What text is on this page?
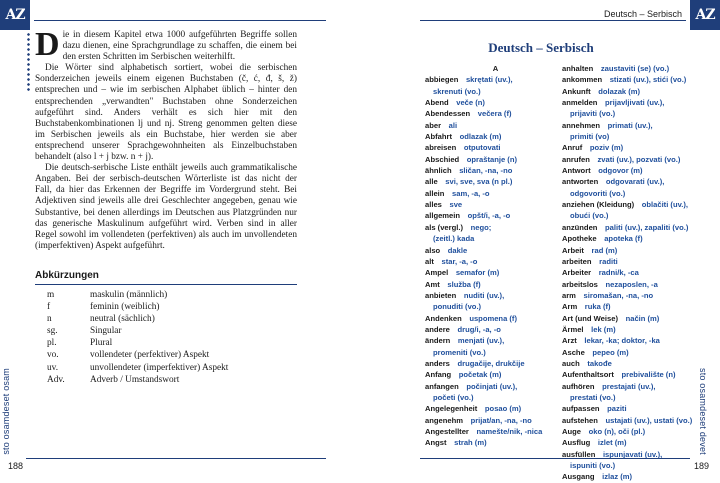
AZ	AZ
Deutsch – Serbisch
sto osamdeset osam	sto osamdeset devet
188	189

Die in diesem Kapitel etwa 1000 aufgeführten Begriffe sollen dazu dienen, eine Sprachgrundlage zu schaffen, die einem bei den ersten Schritten im Serbischen weiterhilft.

Die Wörter sind alphabetisch sortiert, wobei die serbischen Sonderzeichen jeweils einem eigenen Buchstaben (č, ć, đ, š, ž) entsprechen und – wie im serbischen Alphabet üblich – hinter den entsprechenden „verwandten" Buchstaben ohne Sonderzeichen aufgeführt sind. Anders verhält es sich hier mit den Buchstabenkombinationen lj und nj. Streng genommen gelten diese im Serbischen jeweils als ein Buchstabe, hier werden sie aber entsprechend unserer Sprachgewohnheiten als Einzelbuchstaben behandelt (also l + j bzw. n + j).

Die deutsch-serbische Liste enthält jeweils auch grammatikalische Angaben. Bei der serbisch-deutschen Wörterliste ist das nicht der Fall, da hier das Erkennen der Begriffe im Vordergrund steht. Bei Adjektiven sind jeweils alle drei Geschlechter angegeben, genau wie Substantive, bei denen allerdings im Deutschen aus Platzgründen nur das generische Maskulinum aufgeführt wird. Verben sind in aller Regel sowohl im vollendeten (perfektiven) als auch im unvollendeten (imperfektiven) Aspekt aufgeführt.

Abkürzungen
m	maskulin (männlich)
f	feminin (weiblich)
n	neutral (sächlich)
sg.	Singular
pl.	Plural
vo.	vollendeter (perfektiver) Aspekt
uv.	unvollendeter (imperfektiver) Aspekt
Adv.	Adverb / Umstandswort
Deutsch – Serbisch
A
abbiegen  skrętati (uv.),
skrenuti (vo.)
Abend  veče (n)
Abendessen  večera (f)
aber  ali
Abfahrt  odlazak (m)
abreisen  otputovati
Abschied  opraštanje (n)
ähnlich  sličan, -na, -no
alle  svi, sve, sva (n pl.)
allein  sam, -a, -o
alles  sve
allgemein  opšt/i, -a, -o
als (vergl.)  nego;
(zeitl.) kada
also  dakle
alt  star, -a, -o
Ampel  semafor (m)
Amt  služba (f)
anbieten  nuditi (uv.),
ponuditi (vo.)
Andenken  uspomena (f)
andere  drug/i, -a, -o
ändern  menjati (uv.),
promeniti (vo.)
anders  drugačije, drukčije
Anfang  početak (m)
anfangen  počinjati (uv.),
početi (vo.)
Angelegenheit  posao (m)
angenehm  prijat/an, -na, -no
Angestellter  namešte/nik, -nica
Angst  strah (m)
anhalten  zaustaviti (se) (vo.)
ankommen  stizati (uv.), stići (vo.)
Ankunft  dolazak (m)
anmelden  prijavljivati (uv.),
prijaviti (vo.)
annehmen  primati (uv.),
primiti (vo)
Anruf  poziv (m)
anrufen  zvati (uv.), pozvati (vo.)
Antwort  odgovor (m)
antworten  odgovarati (uv.),
odgovoriti (vo.)
anziehen (Kleidung)  oblačiti (uv.),
obući (vo.)
anzünden  paliti (uv.), zapaliti (vo.)
Apotheke  apoteka (f)
Arbeit  rad (m)
arbeiten  raditi
Arbeiter  radni/k, -ca
arbeitslos  nezaposlen, -a
arm  siromašan, -na, -no
Arm  ruka (f)
Art (und Weise)  način (m)
Ärmel  lek (m)
Arzt  lekar, -ka; doktor, -ka
Asche  pepeo (m)
auch  takođe
Aufenthaltsort  prebivalište (n)
aufhören  prestajati (uv.),
prestati (vo.)
aufpassen  paziti
aufstehen  ustajati (uv.), ustati (vo.)
Auge  oko (n), oči (pl.)
Ausflug  izlet (m)
ausfüllen  ispunjavati (uv.),
ispuniti (vo.)
Ausgang  izlaz (m)
